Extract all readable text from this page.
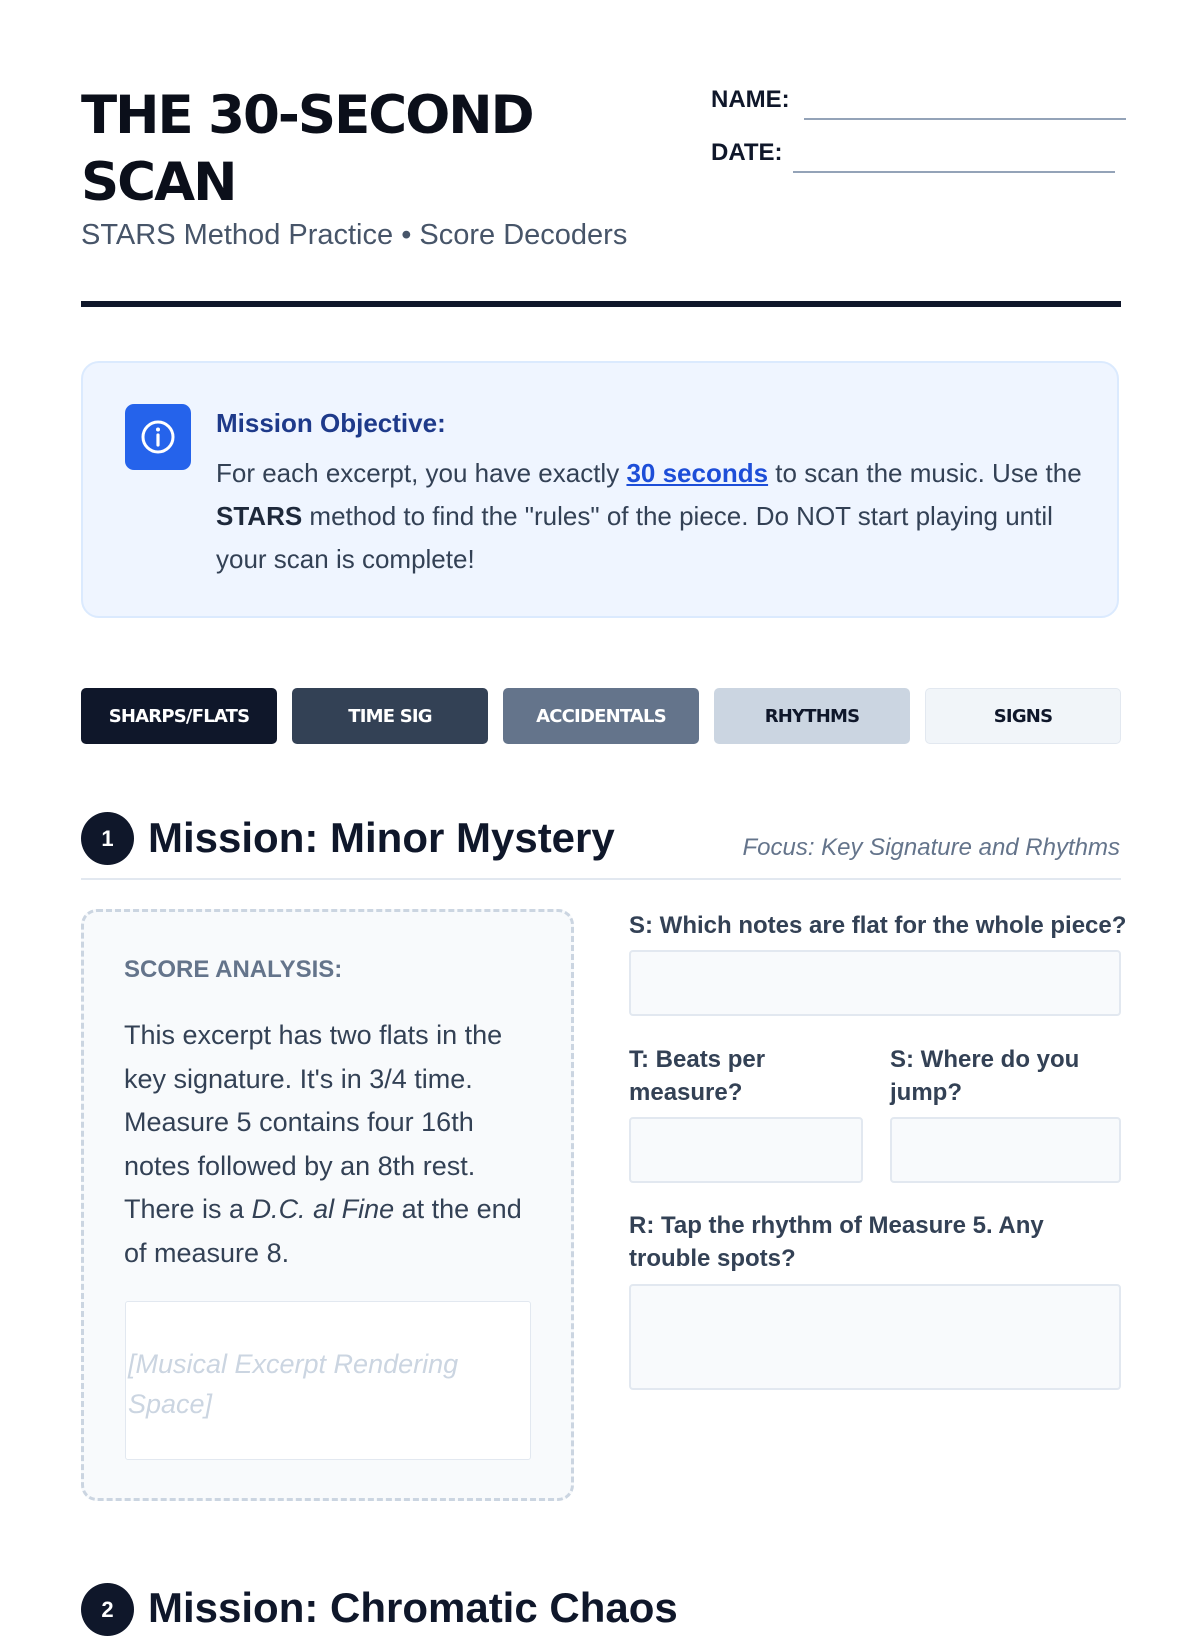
THE 30-SECOND SCAN
STARS Method Practice • Score Decoders
NAME:
DATE:
Mission Objective:
For each excerpt, you have exactly 30 seconds to scan the music. Use the STARS method to find the "rules" of the piece. Do NOT start playing until your scan is complete!
SHARPS/FLATS	TIME SIG	ACCIDENTALS	RHYTHMS	SIGNS
1 Mission: Minor Mystery	Focus: Key Signature and Rhythms
SCORE ANALYSIS:
This excerpt has two flats in the key signature. It's in 3/4 time. Measure 5 contains four 16th notes followed by an 8th rest. There is a D.C. al Fine at the end of measure 8.
[Musical Excerpt Rendering Space]
S: Which notes are flat for the whole piece?
T: Beats per measure?
S: Where do you jump?
R: Tap the rhythm of Measure 5. Any trouble spots?
2 Mission: Chromatic Chaos
